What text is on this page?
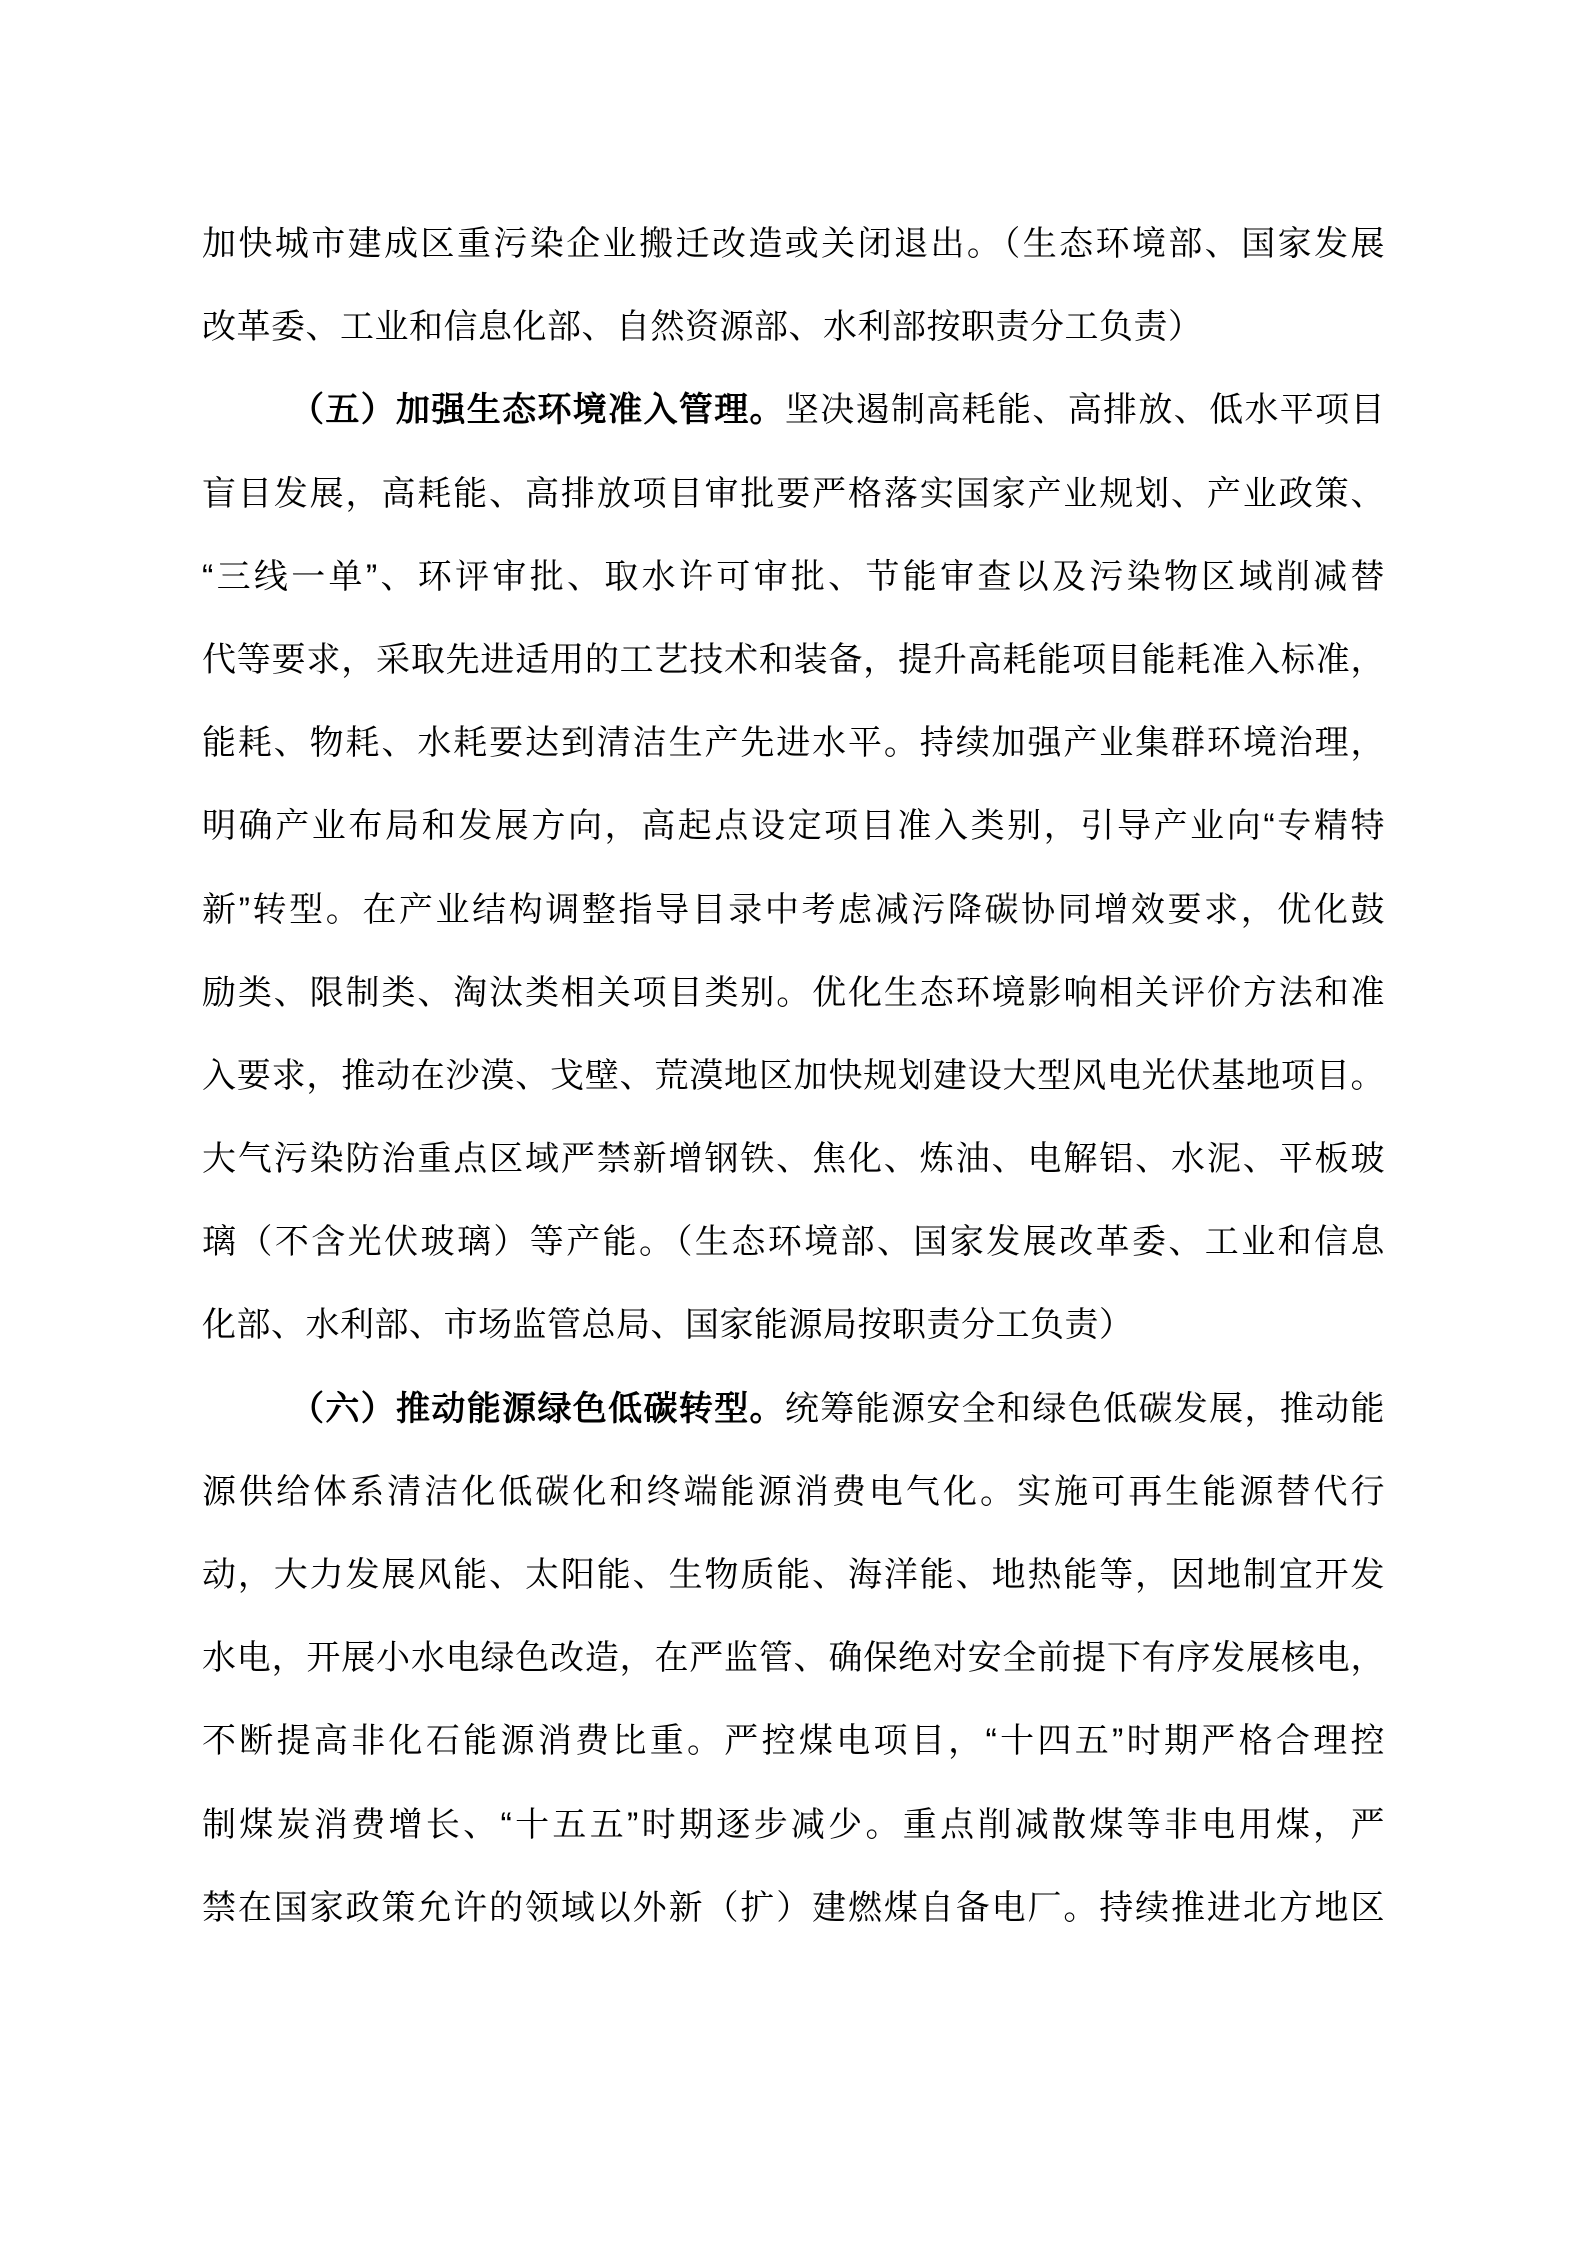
加快城市建成区重污染企业搬迁改造或关闭退出。（生态环境部、国家发展
改革委、工业和信息化部、自然资源部、水利部按职责分工负责）
（五）加强生态环境准入管理。坚决遏制高耗能、高排放、低水平项目
盲目发展，高耗能、高排放项目审批要严格落实国家产业规划、产业政策、
“三线一单”、环评审批、取水许可审批、节能审查以及污染物区域削减替
代等要求，采取先进适用的工艺技术和装备，提升高耗能项目能耗准入标准，
能耗、物耗、水耗要达到清洁生产先进水平。持续加强产业集群环境治理，
明确产业布局和发展方向，高起点设定项目准入类别，引导产业向“专精特
新”转型。在产业结构调整指导目录中考虑减污降碳协同增效要求，优化鼓
励类、限制类、淘汰类相关项目类别。优化生态环境影响相关评价方法和准
入要求，推动在沙漠、戈壁、荒漠地区加快规划建设大型风电光伏基地项目。
大气污染防治重点区域严禁新增钢铁、焦化、炼油、电解铝、水泥、平板玻
璃（不含光伏玻璃）等产能。（生态环境部、国家发展改革委、工业和信息
化部、水利部、市场监管总局、国家能源局按职责分工负责）
（六）推动能源绿色低碳转型。统筹能源安全和绿色低碳发展，推动能
源供给体系清洁化低碳化和终端能源消费电气化。实施可再生能源替代行
动，大力发展风能、太阳能、生物质能、海洋能、地热能等，因地制宜开发
水电，开展小水电绿色改造，在严监管、确保绝对安全前提下有序发展核电，
不断提高非化石能源消费比重。严控煤电项目，“十四五”时期严格合理控
制煤炭消费增长、“十五五”时期逐步减少。重点削减散煤等非电用煤，严
禁在国家政策允许的领域以外新（扩）建燃煤自备电厂。持续推进北方地区
